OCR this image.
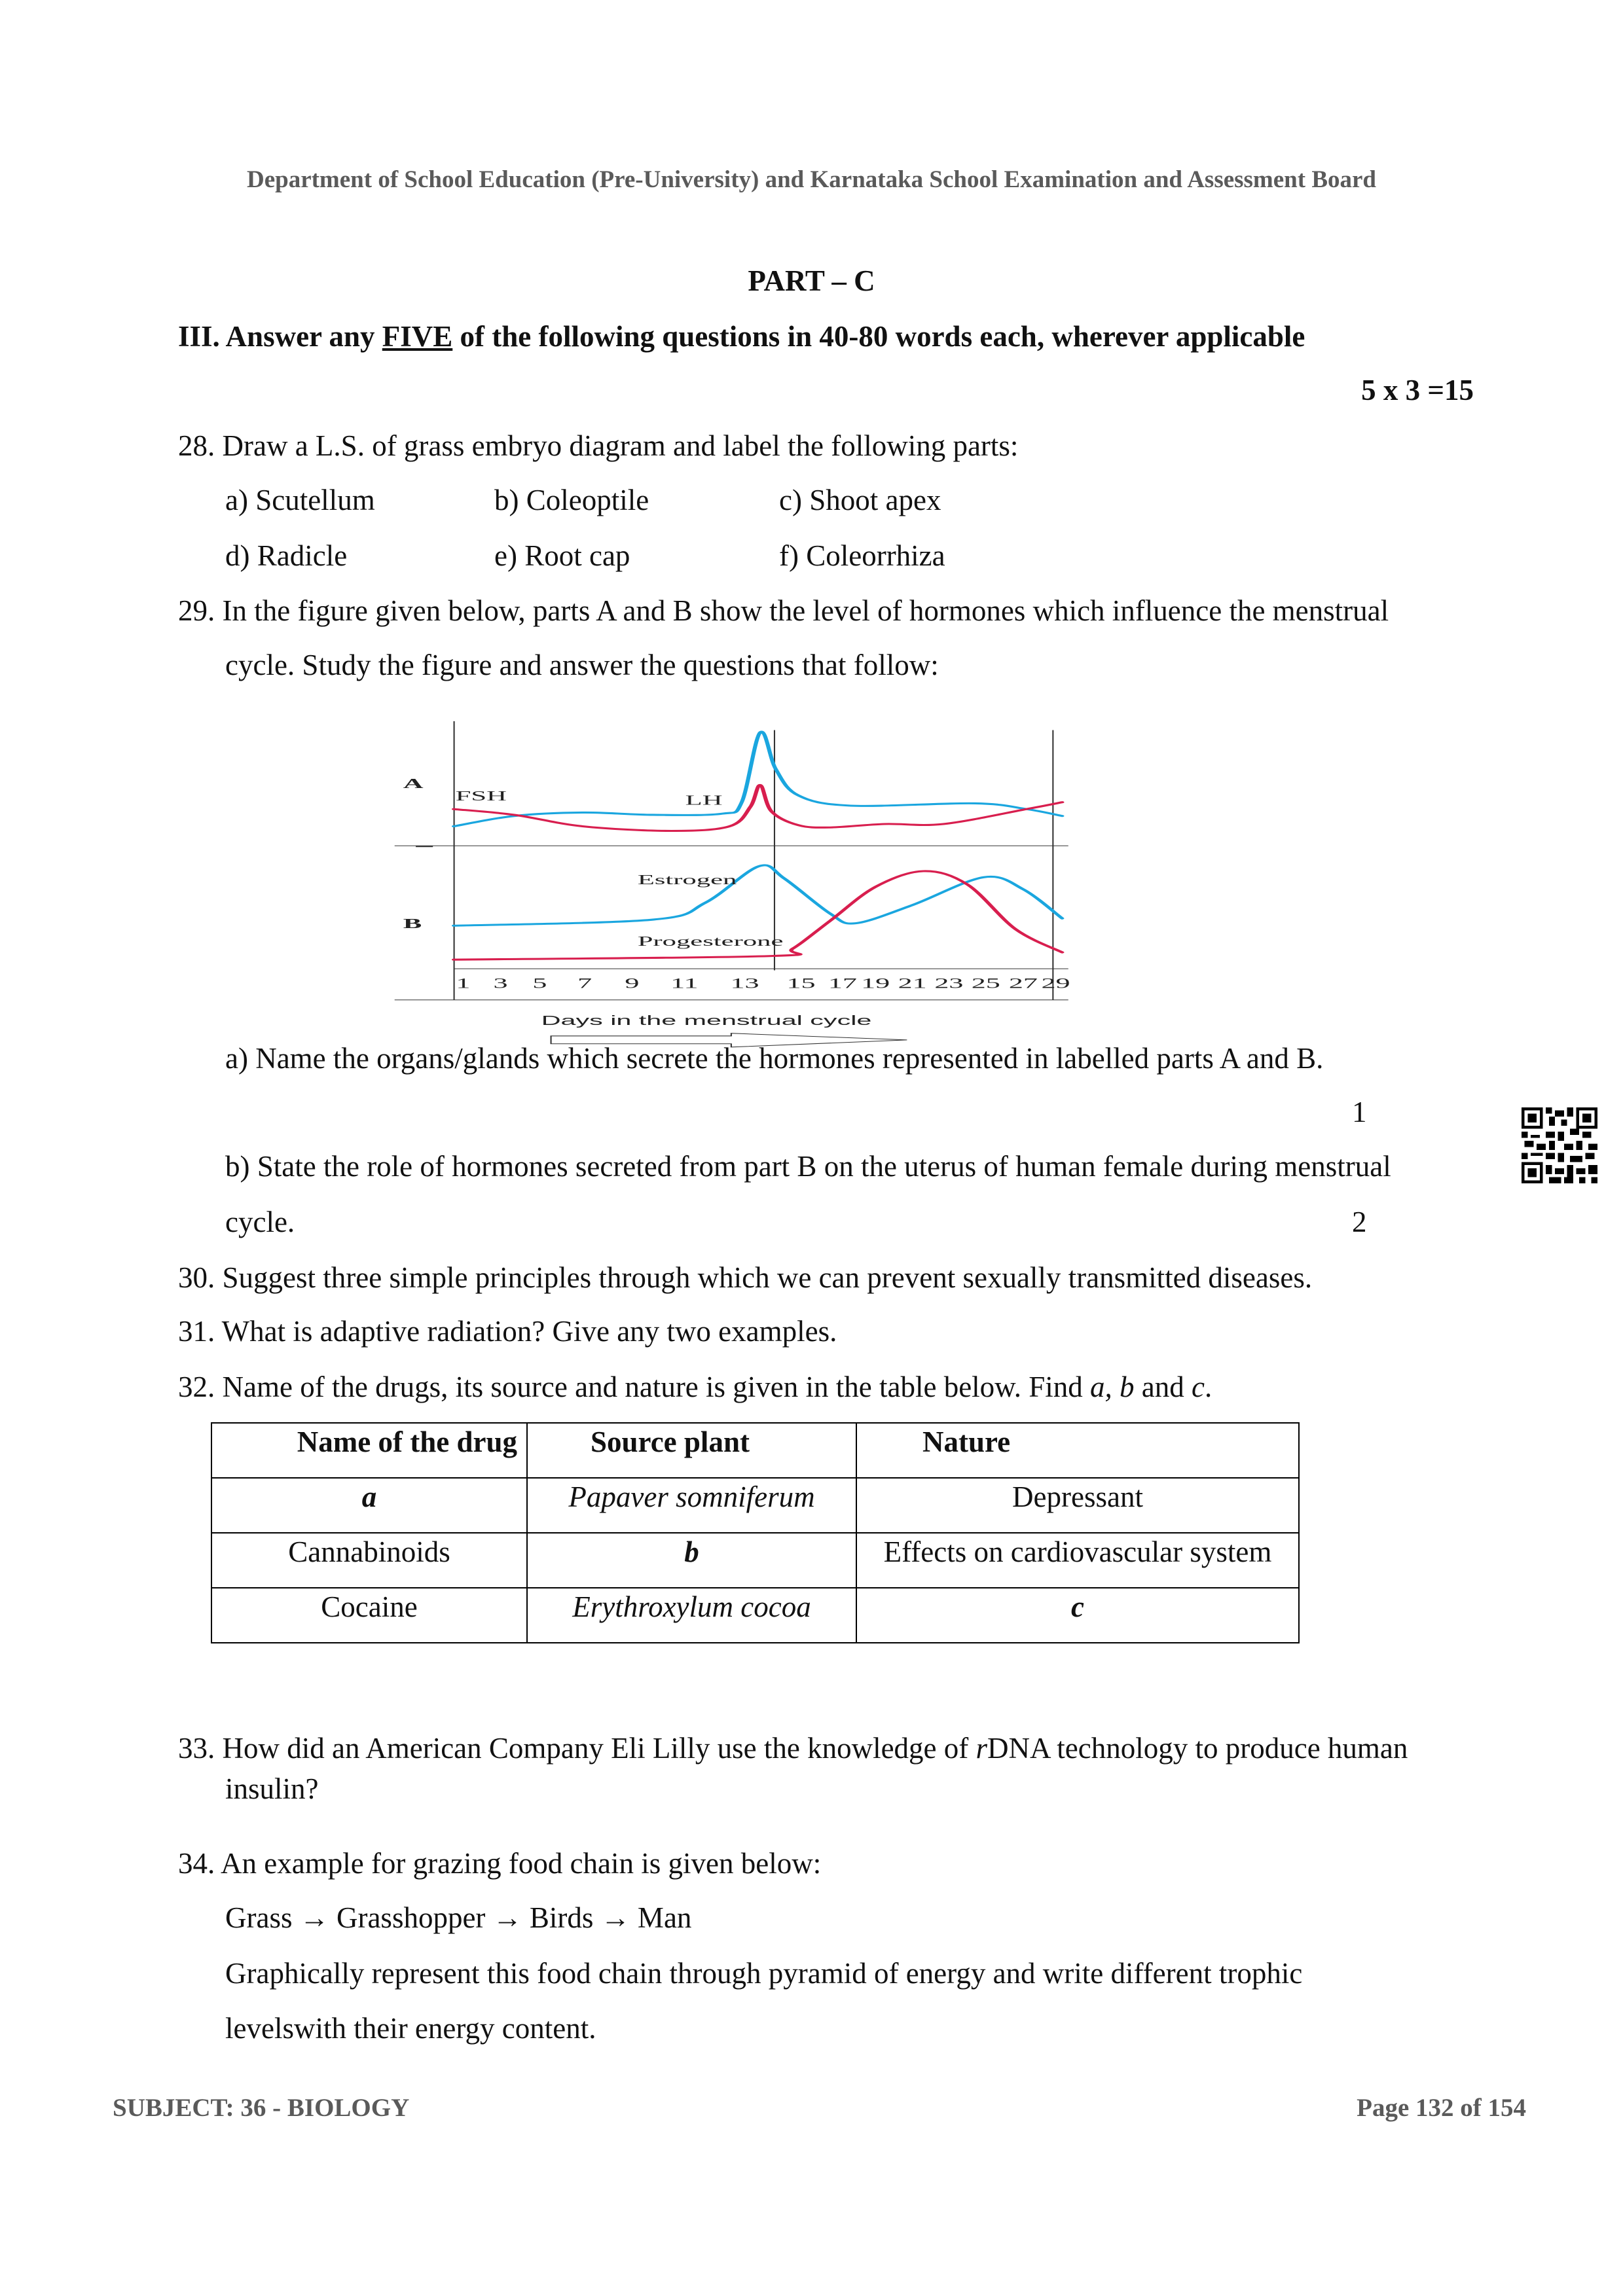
Department of School Education (Pre-University) and Karnataka School Examination and Assessment Board
PART – C
III. Answer any FIVE of the following questions in 40-80 words each, wherever applicable
5 x 3 =15
28. Draw a L.S. of grass embryo diagram and label the following parts:
a) Scutellum	b) Coleoptile	c) Shoot apex
d) Radicle	e) Root cap	f) Coleorrhiza
29. In the figure given below, parts A and B show the level of hormones which influence the menstrual
cycle. Study the figure and answer the questions that follow:
A
B
FSH	LH
Estrogen
Progesterone
1 3 5 7 9 11 13 15 17 19 21 23 25 27 29
Days in the menstrual cycle
a) Name the organs/glands which secrete the hormones represented in labelled parts A and B.
1
b) State the role of hormones secreted from part B on the uterus of human female during menstrual
cycle.	2
30. Suggest three simple principles through which we can prevent sexually transmitted diseases.
31. What is adaptive radiation? Give any two examples.
32. Name of the drugs, its source and nature is given in the table below. Find a, b and c.
Name of the drug	Source plant	Nature
a	Papaver somniferum	Depressant
Cannabinoids	b	Effects on cardiovascular system
Cocaine	Erythroxylum cocoa	c
33. How did an American Company Eli Lilly use the knowledge of rDNA technology to produce human
insulin?
34. An example for grazing food chain is given below:
Grass → Grasshopper → Birds → Man
Graphically represent this food chain through pyramid of energy and write different trophic
levelswith their energy content.
SUBJECT: 36 - BIOLOGY	Page 132 of 154
